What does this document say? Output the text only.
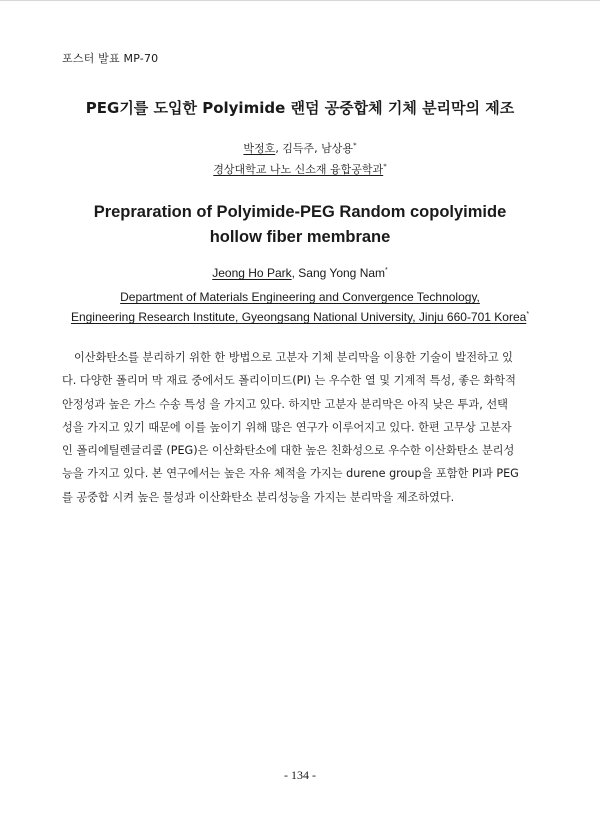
포스터 발표 MP-70
PEG기를 도입한 Polyimide 랜덤 공중합체 기체 분리막의 제조
박정호, 김득주, 남상용*
경상대학교 나노 신소재 융합공학과*
Prepraration of Polyimide-PEG Random copolyimide
hollow fiber membrane
Jeong Ho Park, Sang Yong Nam*
Department of Materials Engineering and Convergence Technology,
Engineering Research Institute, Gyeongsang National University, Jinju 660-701 Korea*
이산화탄소를 분리하기 위한 한 방법으로 고분자 기체 분리막을 이용한 기술이 발전하고 있
다. 다양한 폴리머 막 재료 중에서도 폴리이미드(PI) 는 우수한 열 및 기계적 특성, 좋은 화학적
안정성과 높은 가스 수송 특성 을 가지고 있다. 하지만 고분자 분리막은 아직 낮은 투과, 선택
성을 가지고 있기 때문에 이를 높이기 위해 많은 연구가 이루어지고 있다. 한편 고무상 고분자
인 폴리에틸렌글리콜 (PEG)은 이산화탄소에 대한 높은 친화성으로 우수한 이산화탄소 분리성
능을 가지고 있다. 본 연구에서는 높은 자유 체적을 가지는 durene group을 포함한 PI과 PEG
를 공중합 시켜 높은 물성과 이산화탄소 분리성능을 가지는 분리막을 제조하였다.
- 134 -
